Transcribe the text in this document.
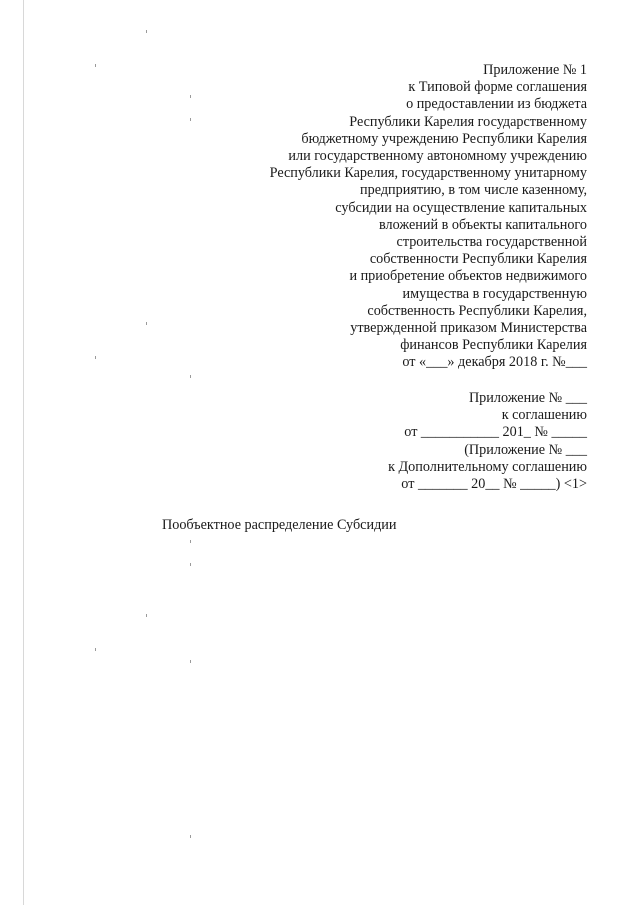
Приложение № 1
к Типовой форме соглашения
о предоставлении из бюджета
Республики Карелия государственному
бюджетному учреждению Республики Карелия
или государственному автономному учреждению
Республики Карелия, государственному унитарному
предприятию, в том числе казенному,
субсидии на осуществление капитальных
вложений в объекты капитального
строительства государственной
собственности Республики Карелия
и приобретение объектов недвижимого
имущества в государственную
собственность Республики Карелия,
утвержденной приказом Министерства
финансов Республики Карелия
от «___» декабря 2018 г. №___
Приложение № ___
к соглашению
от ___________ 201_ № _____
(Приложение № ___
к Дополнительному соглашению
от _______ 20__ № _____) <1>
Пообъектное распределение Субсидии
